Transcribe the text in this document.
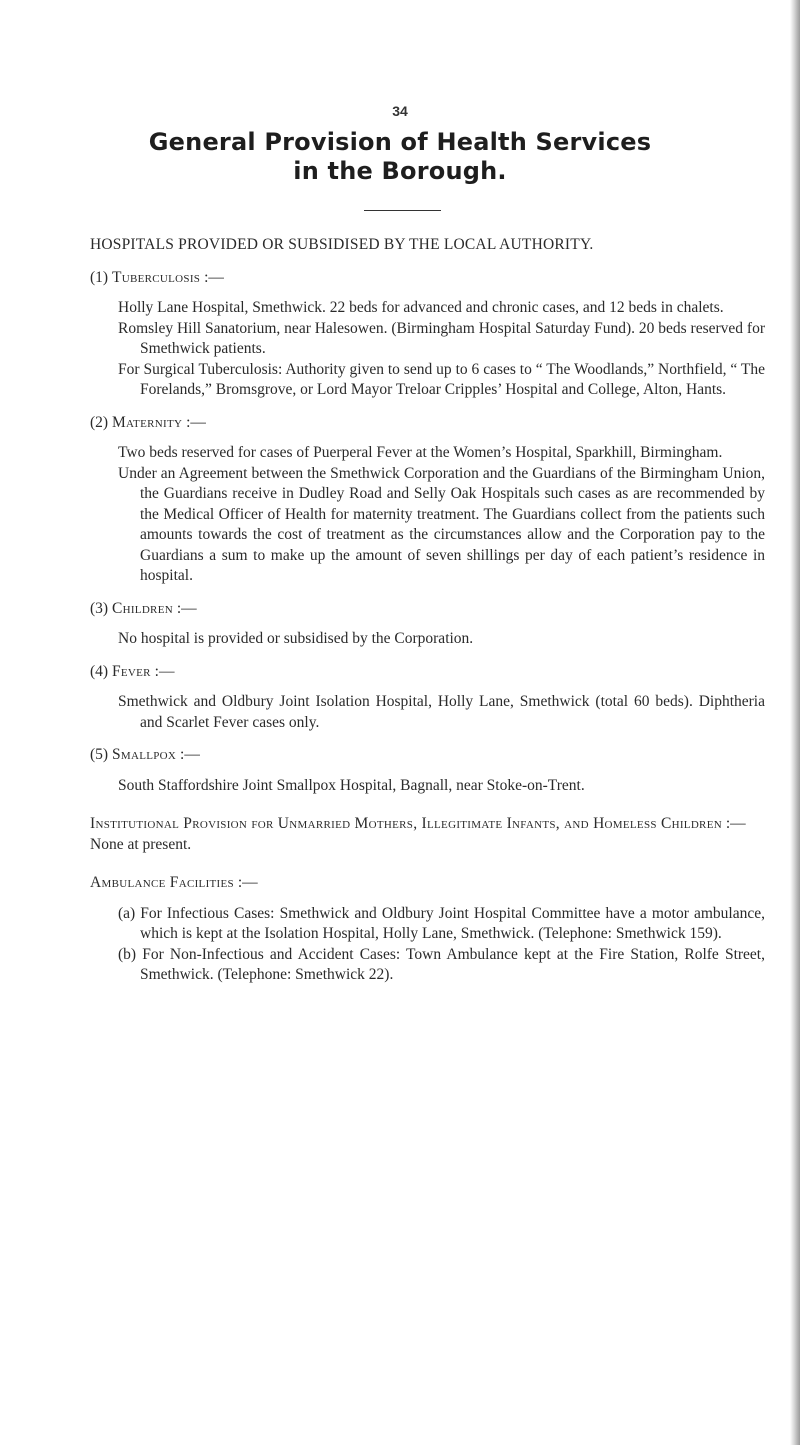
34
General Provision of Health Services
in the Borough.

HOSPITALS PROVIDED OR SUBSIDISED BY THE LOCAL AUTHORITY.

(1) Tuberculosis :—

Holly Lane Hospital, Smethwick. 22 beds for advanced and chronic cases, and 12 beds in chalets.

Romsley Hill Sanatorium, near Halesowen. (Birmingham Hospital Saturday Fund). 20 beds reserved for Smethwick patients.

For Surgical Tuberculosis: Authority given to send up to 6 cases to “ The Woodlands,” Northfield, “ The Forelands,” Bromsgrove, or Lord Mayor Treloar Cripples’ Hospital and College, Alton, Hants.

(2) Maternity :—

Two beds reserved for cases of Puerperal Fever at the Women’s Hospital, Sparkhill, Birmingham.

Under an Agreement between the Smethwick Corporation and the Guardians of the Birmingham Union, the Guardians receive in Dudley Road and Selly Oak Hospitals such cases as are recommended by the Medical Officer of Health for maternity treatment. The Guardians collect from the patients such amounts towards the cost of treatment as the circumstances allow and the Corporation pay to the Guardians a sum to make up the amount of seven shillings per day of each patient’s residence in hospital.

(3) Children :—

No hospital is provided or subsidised by the Corporation.

(4) Fever :—

Smethwick and Oldbury Joint Isolation Hospital, Holly Lane, Smethwick (total 60 beds). Diphtheria and Scarlet Fever cases only.

(5) Smallpox :—

South Staffordshire Joint Smallpox Hospital, Bagnall, near Stoke-on-Trent.

Institutional Provision for Unmarried Mothers, Illegitimate Infants, and Homeless Children :—

None at present.

Ambulance Facilities :—

(a) For Infectious Cases: Smethwick and Oldbury Joint Hospital Committee have a motor ambulance, which is kept at the Isolation Hospital, Holly Lane, Smethwick. (Telephone: Smethwick 159).

(b) For Non-Infectious and Accident Cases: Town Ambulance kept at the Fire Station, Rolfe Street, Smethwick. (Telephone: Smethwick 22).
